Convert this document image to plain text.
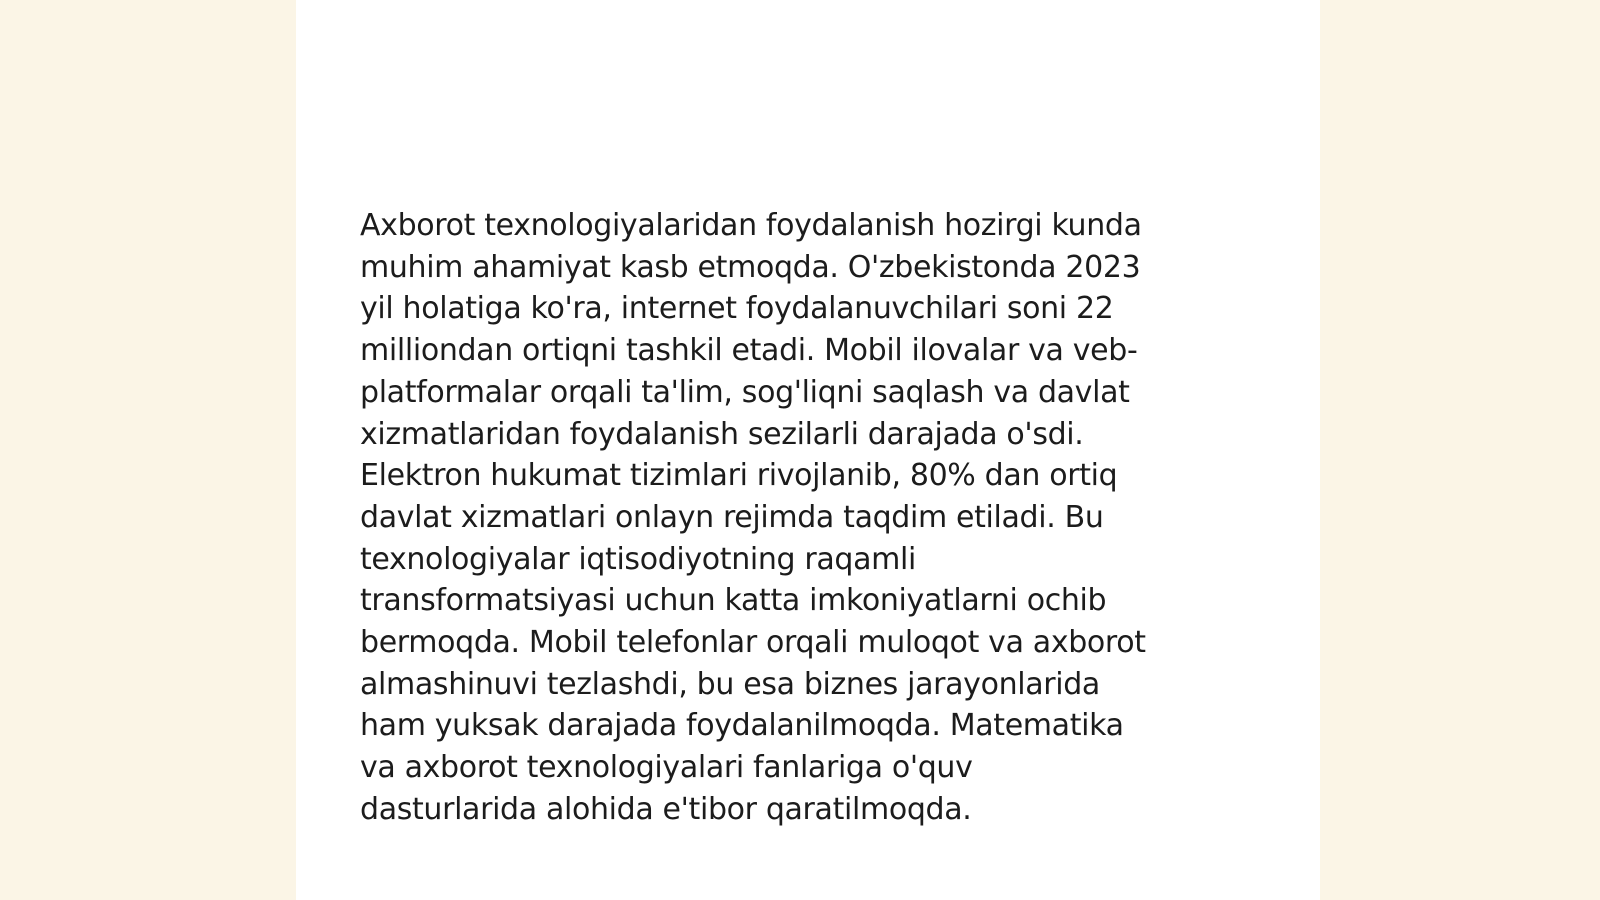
Axborot texnologiyalaridan foydalanish hozirgi kunda
muhim ahamiyat kasb etmoqda. O'zbekistonda 2023
yil holatiga ko'ra, internet foydalanuvchilari soni 22
milliondan ortiqni tashkil etadi. Mobil ilovalar va veb-
platformalar orqali ta'lim, sog'liqni saqlash va davlat
xizmatlaridan foydalanish sezilarli darajada o'sdi.
Elektron hukumat tizimlari rivojlanib, 80% dan ortiq
davlat xizmatlari onlayn rejimda taqdim etiladi. Bu
texnologiyalar iqtisodiyotning raqamli
transformatsiyasi uchun katta imkoniyatlarni ochib
bermoqda. Mobil telefonlar orqali muloqot va axborot
almashinuvi tezlashdi, bu esa biznes jarayonlarida
ham yuksak darajada foydalanilmoqda. Matematika
va axborot texnologiyalari fanlariga o'quv
dasturlarida alohida e'tibor qaratilmoqda.
